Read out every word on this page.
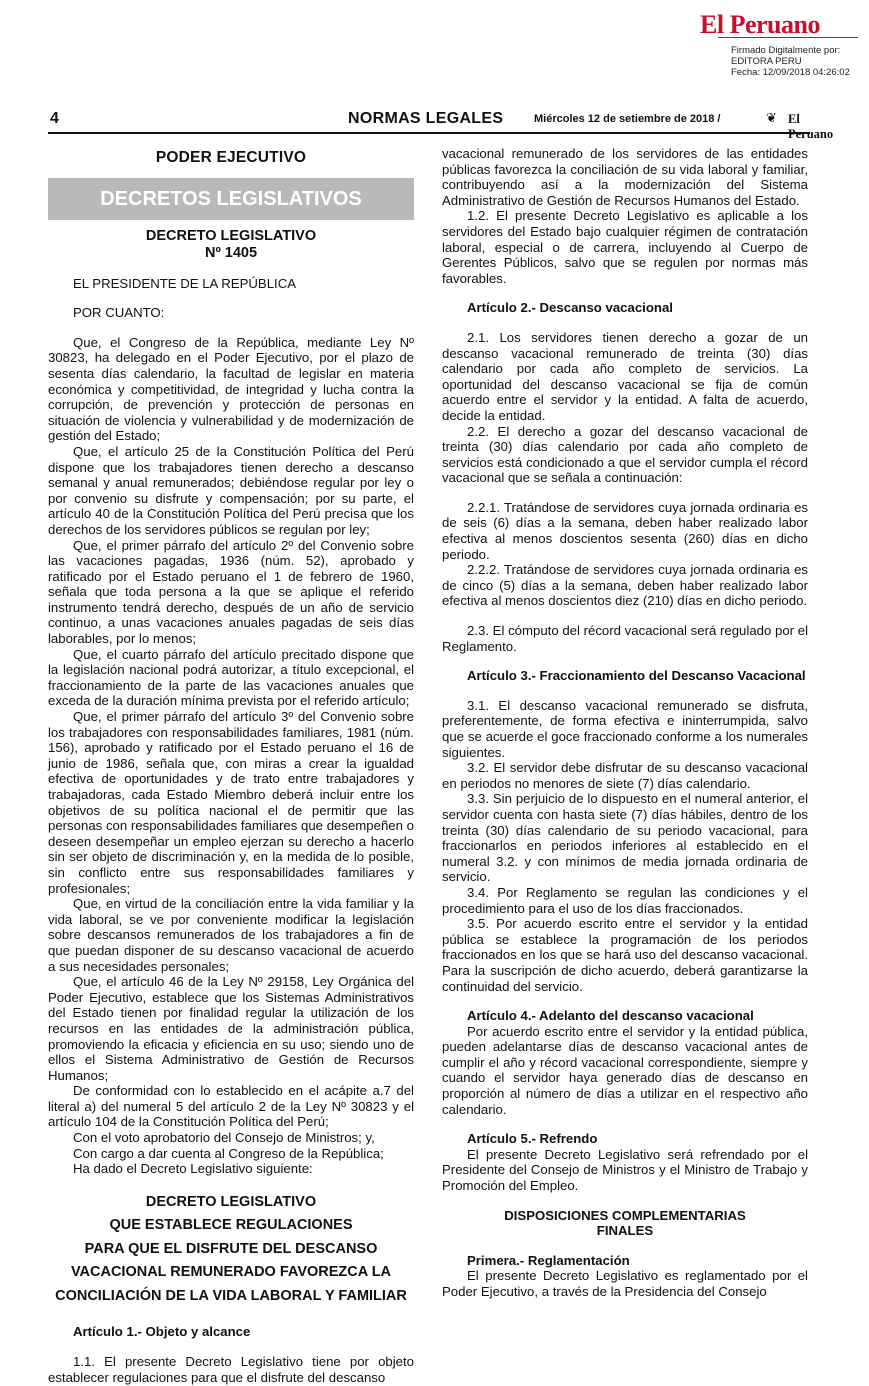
El Peruano
Firmado Digitalmente por:
EDITORA PERU
Fecha: 12/09/2018 04:26:02
4	NORMAS LEGALES	Miércoles 12 de setiembre de 2018 /	❦ El Peruano
PODER EJECUTIVO
DECRETOS LEGISLATIVOS
DECRETO LEGISLATIVO
Nº 1405

EL PRESIDENTE DE LA REPÚBLICA

POR CUANTO:

Que, el Congreso de la República, mediante Ley Nº 30823, ha delegado en el Poder Ejecutivo, por el plazo de sesenta días calendario, la facultad de legislar en materia económica y competitividad, de integridad y lucha contra la corrupción, de prevención y protección de personas en situación de violencia y vulnerabilidad y de modernización de gestión del Estado;

Que, el artículo 25 de la Constitución Política del Perú dispone que los trabajadores tienen derecho a descanso semanal y anual remunerados; debiéndose regular por ley o por convenio su disfrute y compensación; por su parte, el artículo 40 de la Constitución Política del Perú precisa que los derechos de los servidores públicos se regulan por ley;

Que, el primer párrafo del artículo 2º del Convenio sobre las vacaciones pagadas, 1936 (núm. 52), aprobado y ratificado por el Estado peruano el 1 de febrero de 1960, señala que toda persona a la que se aplique el referido instrumento tendrá derecho, después de un año de servicio continuo, a unas vacaciones anuales pagadas de seis días laborables, por lo menos;

Que, el cuarto párrafo del artículo precitado dispone que la legislación nacional podrá autorizar, a título excepcional, el fraccionamiento de la parte de las vacaciones anuales que exceda de la duración mínima prevista por el referido artículo;

Que, el primer párrafo del artículo 3º del Convenio sobre los trabajadores con responsabilidades familiares, 1981 (núm. 156), aprobado y ratificado por el Estado peruano el 16 de junio de 1986, señala que, con miras a crear la igualdad efectiva de oportunidades y de trato entre trabajadores y trabajadoras, cada Estado Miembro deberá incluir entre los objetivos de su política nacional el de permitir que las personas con responsabilidades familiares que desempeñen o deseen desempeñar un empleo ejerzan su derecho a hacerlo sin ser objeto de discriminación y, en la medida de lo posible, sin conflicto entre sus responsabilidades familiares y profesionales;

Que, en virtud de la conciliación entre la vida familiar y la vida laboral, se ve por conveniente modificar la legislación sobre descansos remunerados de los trabajadores a fin de que puedan disponer de su descanso vacacional de acuerdo a sus necesidades personales;

Que, el artículo 46 de la Ley Nº 29158, Ley Orgánica del Poder Ejecutivo, establece que los Sistemas Administrativos del Estado tienen por finalidad regular la utilización de los recursos en las entidades de la administración pública, promoviendo la eficacia y eficiencia en su uso; siendo uno de ellos el Sistema Administrativo de Gestión de Recursos Humanos;

De conformidad con lo establecido en el acápite a.7 del literal a) del numeral 5 del artículo 2 de la Ley Nº 30823 y el artículo 104 de la Constitución Política del Perú;

Con el voto aprobatorio del Consejo de Ministros; y,

Con cargo a dar cuenta al Congreso de la República;

Ha dado el Decreto Legislativo siguiente:

DECRETO LEGISLATIVO
QUE ESTABLECE REGULACIONES
PARA QUE EL DISFRUTE DEL DESCANSO
VACACIONAL REMUNERADO FAVOREZCA LA
CONCILIACIÓN DE LA VIDA LABORAL Y FAMILIAR

Artículo 1.- Objeto y alcance

1.1. El presente Decreto Legislativo tiene por objeto establecer regulaciones para que el disfrute del descanso

vacacional remunerado de los servidores de las entidades públicas favorezca la conciliación de su vida laboral y familiar, contribuyendo así a la modernización del Sistema Administrativo de Gestión de Recursos Humanos del Estado.

1.2. El presente Decreto Legislativo es aplicable a los servidores del Estado bajo cualquier régimen de contratación laboral, especial o de carrera, incluyendo al Cuerpo de Gerentes Públicos, salvo que se regulen por normas más favorables.

Artículo 2.- Descanso vacacional

2.1. Los servidores tienen derecho a gozar de un descanso vacacional remunerado de treinta (30) días calendario por cada año completo de servicios. La oportunidad del descanso vacacional se fija de común acuerdo entre el servidor y la entidad. A falta de acuerdo, decide la entidad.

2.2. El derecho a gozar del descanso vacacional de treinta (30) días calendario por cada año completo de servicios está condicionado a que el servidor cumpla el récord vacacional que se señala a continuación:

2.2.1. Tratándose de servidores cuya jornada ordinaria es de seis (6) días a la semana, deben haber realizado labor efectiva al menos doscientos sesenta (260) días en dicho periodo.

2.2.2. Tratándose de servidores cuya jornada ordinaria es de cinco (5) días a la semana, deben haber realizado labor efectiva al menos doscientos diez (210) días en dicho periodo.

2.3. El cómputo del récord vacacional será regulado por el Reglamento.

Artículo 3.- Fraccionamiento del Descanso Vacacional

3.1. El descanso vacacional remunerado se disfruta, preferentemente, de forma efectiva e ininterrumpida, salvo que se acuerde el goce fraccionado conforme a los numerales siguientes.

3.2. El servidor debe disfrutar de su descanso vacacional en periodos no menores de siete (7) días calendario.

3.3. Sin perjuicio de lo dispuesto en el numeral anterior, el servidor cuenta con hasta siete (7) días hábiles, dentro de los treinta (30) días calendario de su periodo vacacional, para fraccionarlos en periodos inferiores al establecido en el numeral 3.2. y con mínimos de media jornada ordinaria de servicio.

3.4. Por Reglamento se regulan las condiciones y el procedimiento para el uso de los días fraccionados.

3.5. Por acuerdo escrito entre el servidor y la entidad pública se establece la programación de los periodos fraccionados en los que se hará uso del descanso vacacional. Para la suscripción de dicho acuerdo, deberá garantizarse la continuidad del servicio.

Artículo 4.- Adelanto del descanso vacacional

Por acuerdo escrito entre el servidor y la entidad pública, pueden adelantarse días de descanso vacacional antes de cumplir el año y récord vacacional correspondiente, siempre y cuando el servidor haya generado días de descanso en proporción al número de días a utilizar en el respectivo año calendario.

Artículo 5.- Refrendo

El presente Decreto Legislativo será refrendado por el Presidente del Consejo de Ministros y el Ministro de Trabajo y Promoción del Empleo.

DISPOSICIONES COMPLEMENTARIAS

FINALES

Primera.- Reglamentación

El presente Decreto Legislativo es reglamentado por el Poder Ejecutivo, a través de la Presidencia del Consejo
